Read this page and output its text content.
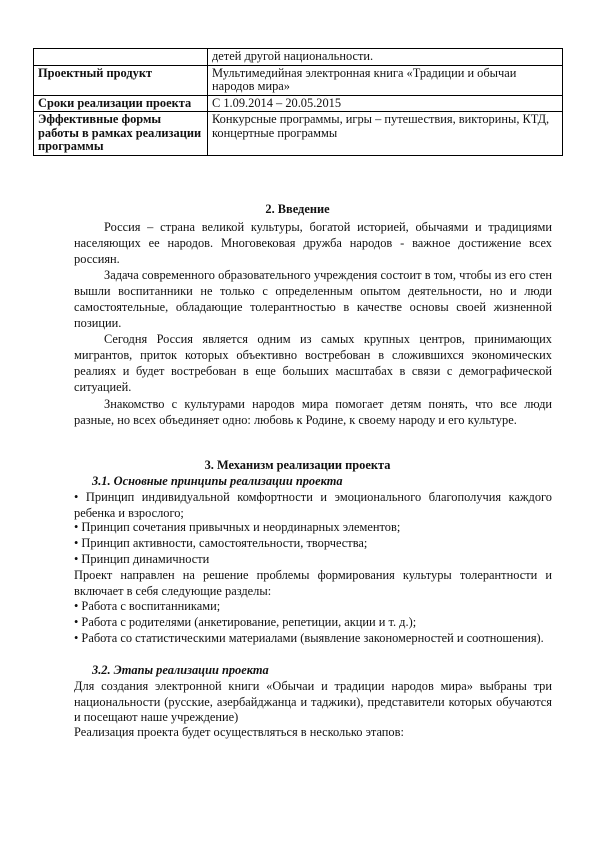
	детей другой национальности.
Проектный продукт	Мультимедийная электронная книга «Традиции и обычаи народов мира»
Сроки реализации проекта	С 1.09.2014 – 20.05.2015
Эффективные формы работы в рамках реализации программы	Конкурсные программы, игры – путешествия, викторины, КТД, концертные программы
2. Введение

Россия – страна великой культуры, богатой историей, обычаями и традициями населяющих ее народов. Многовековая дружба народов - важное достижение всех россиян.

Задача современного образовательного учреждения состоит в том, чтобы из его стен вышли воспитанники не только с определенным опытом деятельности, но и люди самостоятельные, обладающие толерантностью в качестве основы своей жизненной позиции.

Сегодня Россия является одним из самых крупных центров, принимающих мигрантов, приток которых объективно востребован в сложившихся экономических реалиях и будет востребован в еще больших масштабах в связи с демографической ситуацией.

Знакомство с культурами народов мира помогает детям понять, что все люди разные, но всех объединяет одно: любовь к Родине, к своему народу и его культуре.

3. Механизм реализации проекта
3.1. Основные принципы реализации проекта

• Принцип индивидуальной комфортности и эмоционального благополучия каждого ребенка и взрослого;

• Принцип сочетания привычных и неординарных элементов;

• Принцип активности, самостоятельности, творчества;

• Принцип динамичности

Проект направлен на решение проблемы формирования культуры толерантности и включает в себя следующие разделы:

• Работа с воспитанниками;

• Работа с родителями (анкетирование, репетиции, акции и т. д.);

• Работа со статистическими материалами (выявление закономерностей и соотношения).

3.2. Этапы реализации проекта

Для создания электронной книги «Обычаи и традиции народов мира» выбраны три национальности (русские, азербайджанца и таджики), представители которых обучаются и посещают наше учреждение)

Реализация проекта будет осуществляться в несколько этапов:
